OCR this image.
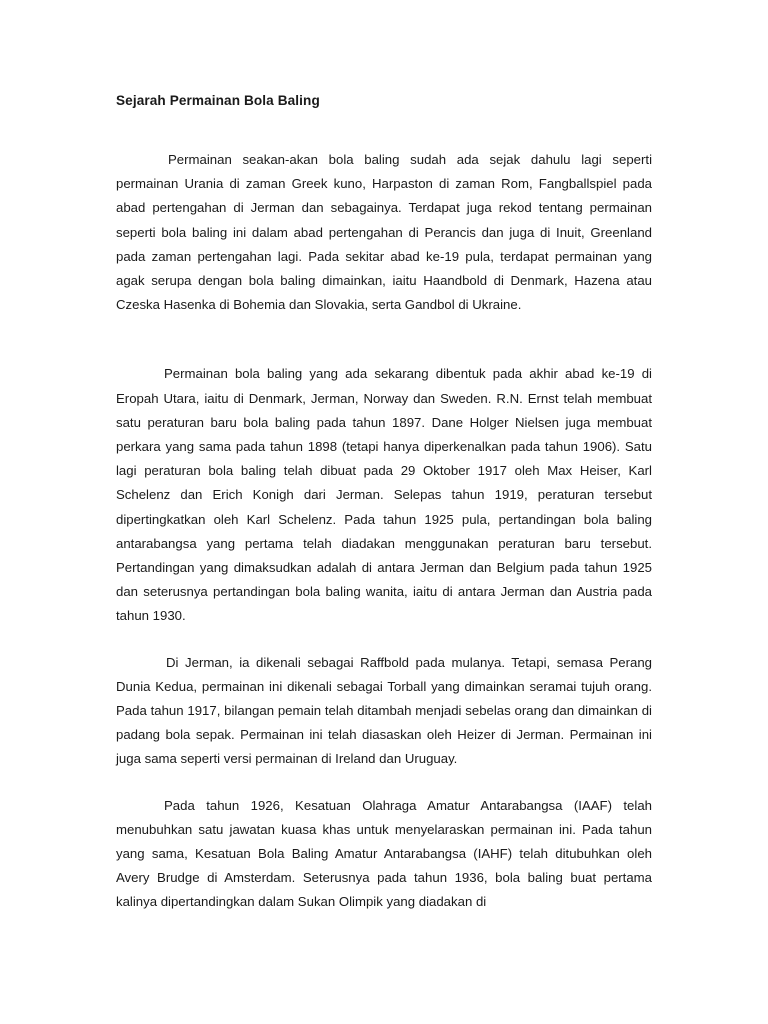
Sejarah Permainan Bola Baling

Permainan seakan-akan bola baling sudah ada sejak dahulu lagi seperti permainan Urania di zaman Greek kuno, Harpaston di zaman Rom, Fangballspiel pada abad pertengahan di Jerman dan sebagainya. Terdapat juga rekod tentang permainan seperti bola baling ini dalam abad pertengahan di Perancis dan juga di Inuit, Greenland pada zaman pertengahan lagi. Pada sekitar abad ke-19 pula, terdapat permainan yang agak serupa dengan bola baling dimainkan, iaitu Haandbold di Denmark, Hazena atau Czeska Hasenka di Bohemia dan Slovakia, serta Gandbol di Ukraine.

Permainan bola baling yang ada sekarang dibentuk pada akhir abad ke-19 di Eropah Utara, iaitu di Denmark, Jerman, Norway dan Sweden. R.N. Ernst telah membuat satu peraturan baru bola baling pada tahun 1897. Dane Holger Nielsen juga membuat perkara yang sama pada tahun 1898 (tetapi hanya diperkenalkan pada tahun 1906). Satu lagi peraturan bola baling telah dibuat pada 29 Oktober 1917 oleh Max Heiser, Karl Schelenz dan Erich Konigh dari Jerman. Selepas tahun 1919, peraturan tersebut dipertingkatkan oleh Karl Schelenz. Pada tahun 1925 pula, pertandingan bola baling antarabangsa yang pertama telah diadakan menggunakan peraturan baru tersebut. Pertandingan yang dimaksudkan adalah di antara Jerman dan Belgium pada tahun 1925 dan seterusnya pertandingan bola baling wanita, iaitu di antara Jerman dan Austria pada tahun 1930.

Di Jerman, ia dikenali sebagai Raffbold pada mulanya. Tetapi, semasa Perang Dunia Kedua, permainan ini dikenali sebagai Torball yang dimainkan seramai tujuh orang. Pada tahun 1917, bilangan pemain telah ditambah menjadi sebelas orang dan dimainkan di padang bola sepak. Permainan ini telah diasaskan oleh Heizer di Jerman. Permainan ini juga sama seperti versi permainan di Ireland dan Uruguay.

Pada tahun 1926, Kesatuan Olahraga Amatur Antarabangsa (IAAF) telah menubuhkan satu jawatan kuasa khas untuk menyelaraskan permainan ini. Pada tahun yang sama, Kesatuan Bola Baling Amatur Antarabangsa (IAHF) telah ditubuhkan oleh Avery Brudge di Amsterdam. Seterusnya pada tahun 1936, bola baling buat pertama kalinya dipertandingkan dalam Sukan Olimpik yang diadakan di
